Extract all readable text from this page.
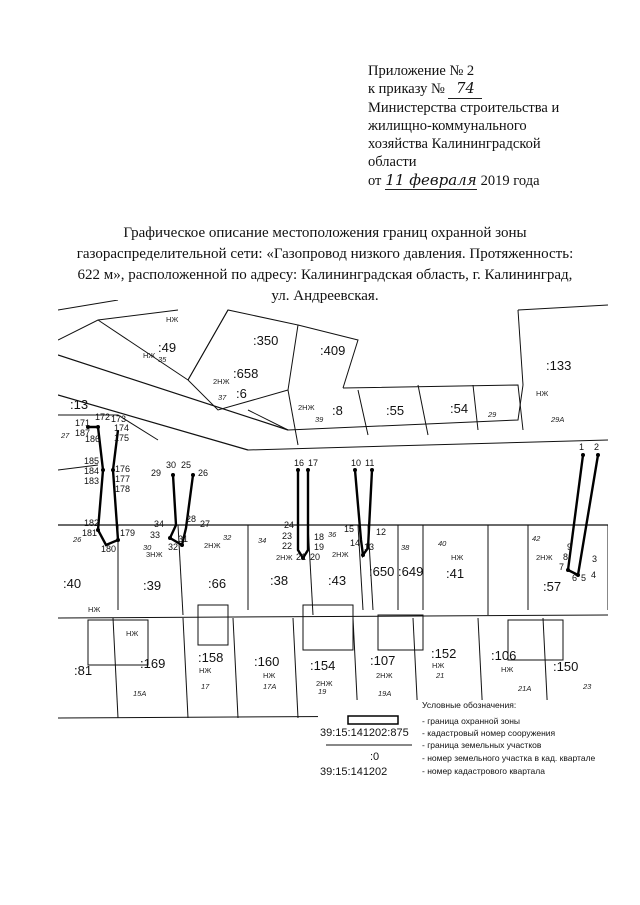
Приложение № 2
к приказу № 74
Министерства строительства и
жилищно-коммунального
хозяйства Калининградской
области
от 11 февраля 2019 года
Графическое описание местоположения границ охранной зоны
газораспределительной сети: «Газопровод низкого давления. Протяженность:
622 м», расположенной по адресу: Калининградская область, г. Калининград,
ул. Андреевская.
:49	:350
:409
:658
:6
:8	:55	:54
:133
:13
:40	:39	:66	:38	:43
:650 :649 :41
:57
:81	:169	:158 :160 :154	:107	:152	:106
:150
1 2
3
4
5
6
7
8
9
10 11
12
13
14
15
16 17
18
19
20
21
22
23
24
25
26
27
28
29
30
31
32
33
34
171
172 173
174
175
176
177
178
179
180
181
182
183
184
185
186
187
35
37
39
29
29А
27
26
30
32	34
36
38	40
42
15А
17	17А
19	19А
21
21А	23
НЖ
НЖ
2НЖ
2НЖ
НЖ
3НЖ
2НЖ
2НЖ	2НЖ	НЖ	2НЖ
НЖ
НЖ
НЖ
НЖ
2НЖ
2НЖ
НЖ	НЖ
Условные обозначения:
39:15:141202:875
:0
39:15:141202
- граница охранной зоны
- кадастровый номер сооружения
- граница земельных участков
- номер земельного участка в кад. квартале
- номер кадастрового квартала
